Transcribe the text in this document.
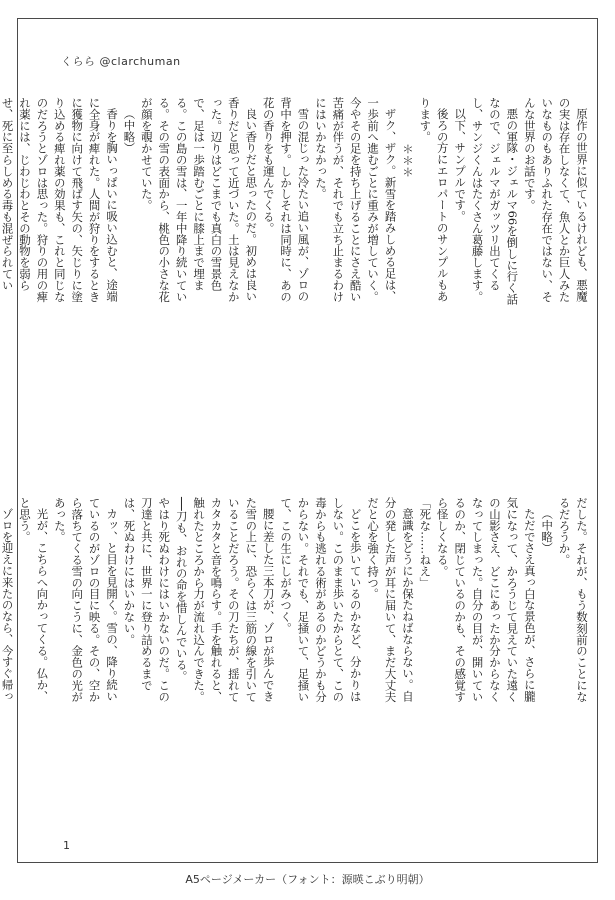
くらら @clarchuman

原作の世界に似ているけれども、悪魔の実は存在しなくて、魚人とか巨人みたいなものもありふれた存在ではない、そんな世界のお話です。

悪の軍隊・ジェルマ66を倒しに行く話なので、ジェルマがガッツリ出てくるし、サンジくんはたくさん葛藤します。

以下、サンプルです。

後ろの方にエロパートのサンプルもあります。

＊＊＊

ザク、ザク。新雪を踏みしめる足は、一歩前へ進むごとに重みが増していく。今やその足を持ち上げることにさえ酷い苦痛が伴うが、それでも立ち止まるわけにはいかなかった。

雪の混じった冷たい追い風が、ゾロの背中を押す。しかしそれは同時に、あの花の香りをも運んでくる。

良い香りだと思ったのだ。初めは良い香りだと思って近づいた。土は見えなかった。辺りはどこまでも真白の雪景色で、足は一歩踏むごとに膝上まで埋まる。この島の雪は、一年中降り続いている。その雪の表面から、桃色の小さな花が顔を覗かせていた。

（中略）

香りを胸いっぱいに吸い込むと、途端に全身が痺れた。人間が狩りをするときに獲物に向けて飛ばす矢の、矢じりに塗り込める痺れ薬の効果も、これと同じなのだろうとゾロは思った。狩りの用の痺れ薬には、じわじわとその動物を弱らせ、死に至らしめる毒も混ぜられてい

だした。それが、もう数刻前のことになるだろうか。

（中略）

ただでさえ真っ白な景色が、さらに朧気になって、かろうじて見えていた遠くの山影さえ、どこにあったか分からなくなってしまった。自分の目が、開いているのか、閉じているのかも、その感覚すら怪しくなる。

「死な……ねえ」

意識をどうにか保たねばならない。自分の発した声が耳に届いて、まだ大丈夫だと心を強く持つ。

どこを歩いているのかなど、分かりはしない。このまま歩いたからとて、この毒からも逃れる術があるのかどうかも分からない。それでも、足掻いて、足掻いて、この生にしがみつく。

腰に差した三本刀が、ゾロが歩んできた雪の上に、恐らくは三筋の線を引いていることだろう。その刀たちが、揺れてカタカタと音を鳴らす。手を触れると、触れたところから力が流れ込んできた。

──刀も、おれの命を惜しんでいる。

やはり死ぬわけにはいかないのだ。この刀達と共に、世界一に登り詰めるまでは、死ぬわけにはいかない。

カッ、と目を見開く。雪の、降り続いているのがゾロの目に映る。その、空から落ちてくる雪の向こうに、金色の光があった。

光が、こちらへ向かってくる。仏か、と思う。

ゾロを迎えに来たのなら、今すぐ帰っ

1
A5ページメーカー（フォント：源暎こぶり明朝）
